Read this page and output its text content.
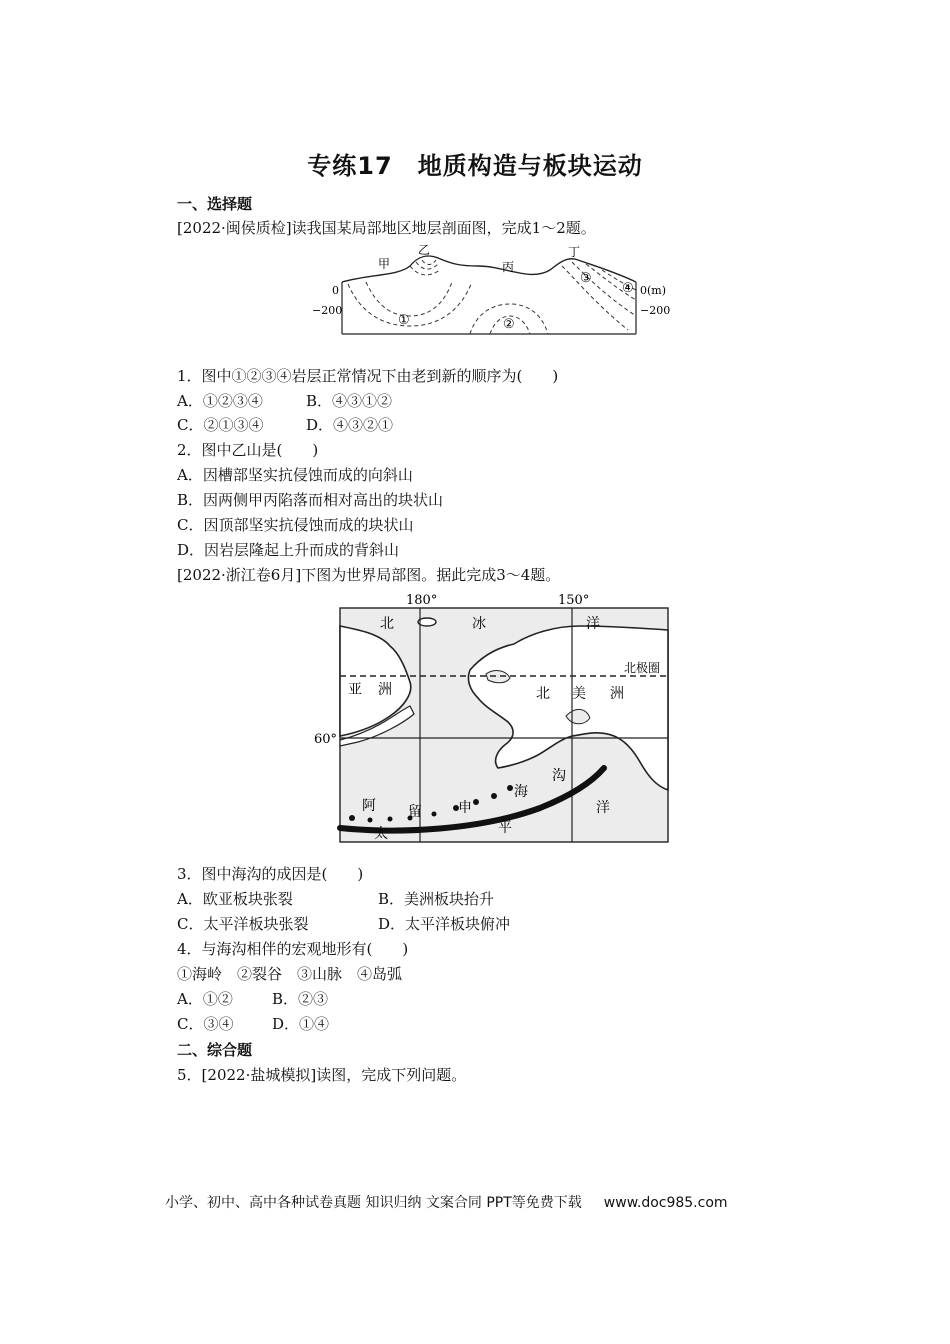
专练17　地质构造与板块运动
一、选择题
[2022·闽侯质检]读我国某局部地区地层剖面图，完成1～2题。
甲
乙
丙
丁
①	②
③
④
0
−200
0(m)
−200
1．图中①②③④岩层正常情况下由老到新的顺序为(　　)
A．①②③④	B．④③①②
C．②①③④	D．④③②①
2．图中乙山是(　　)
A．因槽部坚实抗侵蚀而成的向斜山
B．因两侧甲丙陷落而相对高出的块状山
C．因顶部坚实抗侵蚀而成的块状山
D．因岩层隆起上升而成的背斜山
[2022·浙江卷6月]下图为世界局部图。据此完成3～4题。
180°	150°
60°
北极圈
北	冰	洋
亚 洲	北 美 洲
阿 留	申
海
沟
太	平
洋
3．图中海沟的成因是(　　)
A．欧亚板块张裂	B．美洲板块抬升
C．太平洋板块张裂	D．太平洋板块俯冲
4．与海沟相伴的宏观地形有(　　)
①海岭　②裂谷　③山脉　④岛弧
A．①②	B．②③
C．③④	D．①④
二、综合题
5．[2022·盐城模拟]读图，完成下列问题。
小学、初中、高中各种试卷真题 知识归纳 文案合同 PPT等免费下载 www.doc985.com
